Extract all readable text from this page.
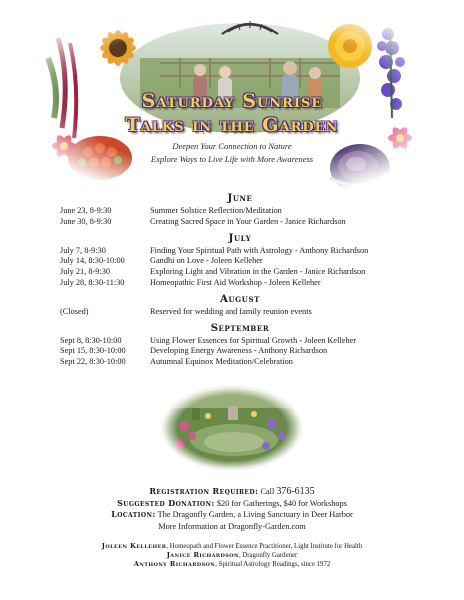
Saturday Sunrise
Talks in the Garden
Deepen Your Connection to Nature
Explore Ways to Live Life with More Awareness
June
June 23, 8-9:30	Summer Solstice Reflection/Meditation
June 30, 8-9:30	Creating Sacred Space in Your Garden - Janice Richardson
July
July 7, 8-9:30	Finding Your Spiritual Path with Astrology - Anthony Richardson
July 14, 8:30-10:00	Gandhi on Love - Joleen Kelleher
July 21, 8-9:30	Exploring Light and Vibration in the Garden - Janice Richardson
July 28, 8:30-11:30	Homeopathic First Aid Workshop - Joleen Kelleher
August
(Closed)	Reserved for wedding and family reunion events
September
Sept 8, 8:30-10:00	Using Flower Essences for Spiritual Growth - Joleen Kelleher
Sept 15, 8:30-10:00	Developing Energy Awareness - Anthony Richardson
Sept 22, 8:30-10:00	Autumnal Equinox Meditation/Celebration
Registration Required: Call 376-6135
Suggested Donation: $20 for Gatherings, $40 for Workshops
Location: The Dragonfly Garden, a Living Sanctuary in Deer Harbor
More Information at Dragonfly-Garden.com
Joleen Kelleher, Homeopath and Flower Essence Practitioner, Light Institute for Health
Janice Richardson, Dragonfly Gardener
Anthony Richardson, Spiritual Astrology Readings, since 1972
